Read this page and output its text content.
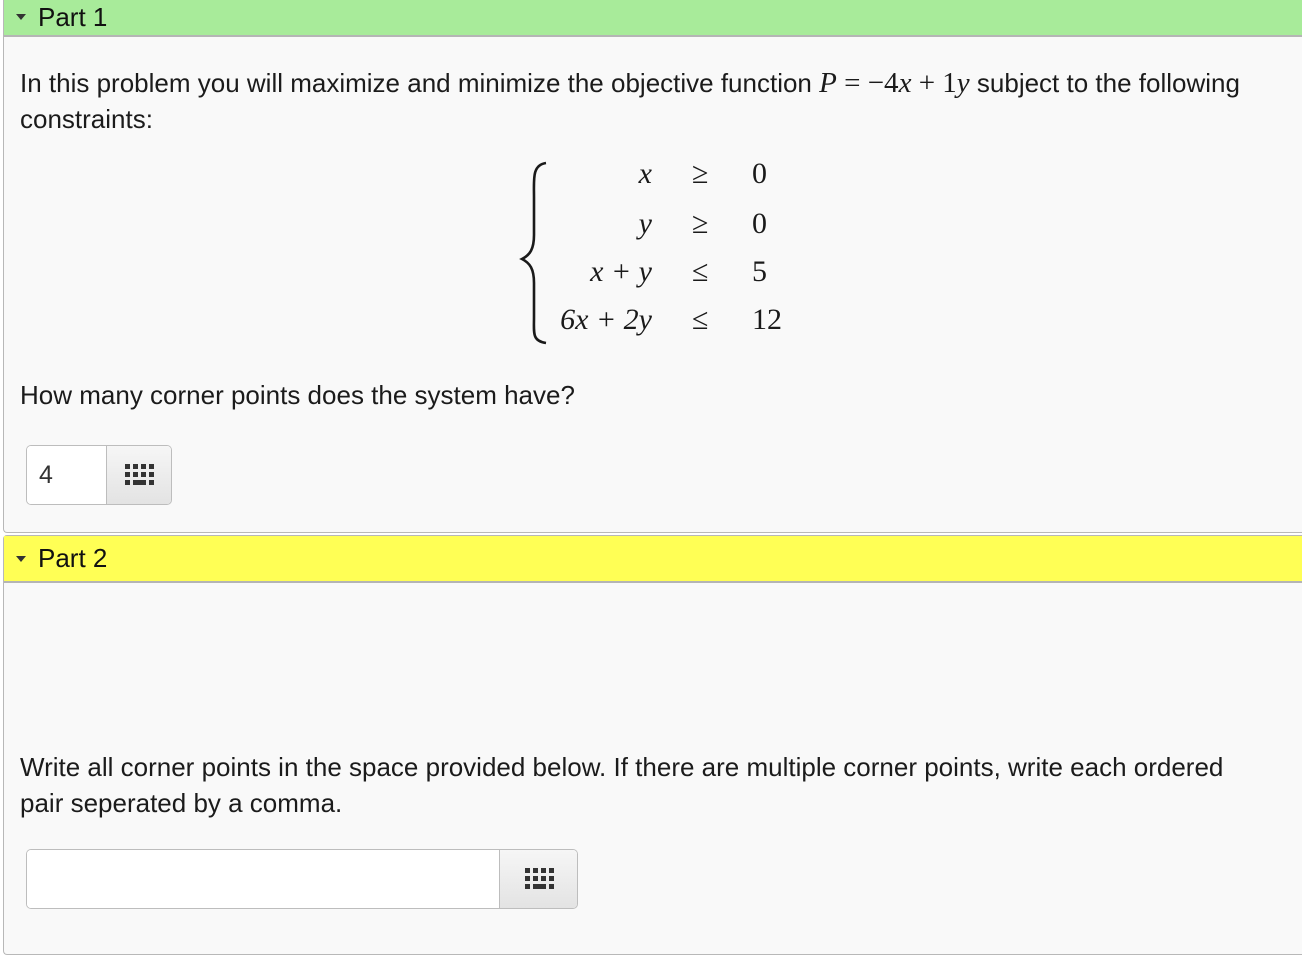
Part 1
In this problem you will maximize and minimize the objective function P = −4x + 1y subject to the following constraints:
x ≥ 0
y ≥ 0
x + y ≤ 5
6x + 2y ≤ 12
How many corner points does the system have?
4
Part 2
Write all corner points in the space provided below. If there are multiple corner points, write each ordered pair seperated by a comma.
